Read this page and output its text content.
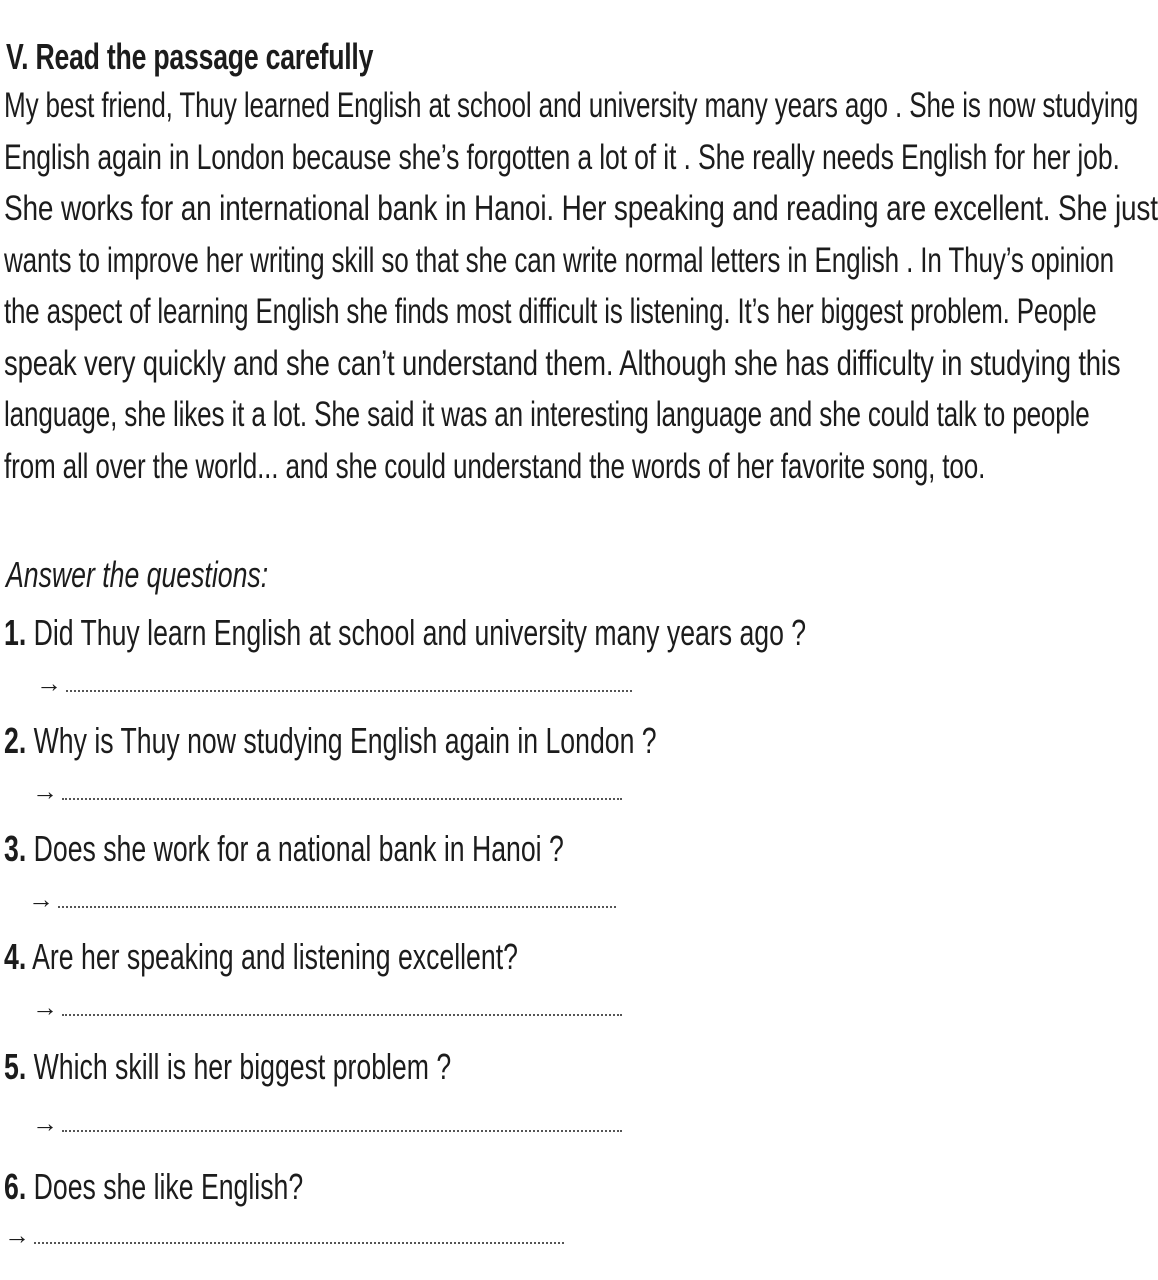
V. Read the passage carefully
My best friend, Thuy learned English at school and university many years ago . She is now studying
English again in London because she’s forgotten a lot of it . She really needs English for her job.
She works for an international bank in Hanoi. Her speaking and reading are excellent. She just
wants to improve her writing skill so that she can write normal letters in English . In Thuy’s opinion
the aspect of learning English she finds most difficult is listening. It’s her biggest problem. People
speak very quickly and she can’t understand them. Although she has difficulty in studying this
language, she likes it a lot. She said it was an interesting language and she could talk to people
from all over the world... and she could understand the words of her favorite song, too.
Answer the questions:
1. Did Thuy learn English at school and university many years ago ?
→
2. Why is Thuy now studying English again in London ?
→
3. Does she work for a national bank in Hanoi ?
→
4. Are her speaking and listening excellent?
→
5. Which skill is her biggest problem ?
→
6. Does she like English?
→
